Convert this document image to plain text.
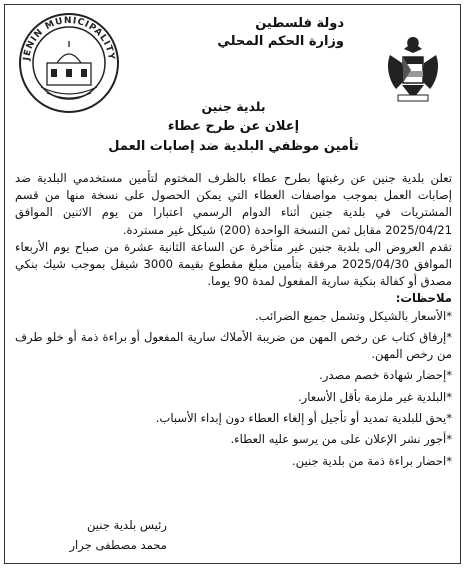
JENIN MUNICIPALITY
دولة فلسطين
وزارة الحكم المحلي
بلدية جنين
إعلان عن طرح عطاء
تأمين موظفي البلدية ضد إصابات العمل

تعلن بلدية جنين عن رغبتها بطرح عطاء بالظرف المختوم لتأمين مستخدمي البلدية ضد إصابات العمل بموجب مواصفات العطاء التي يمكن الحصول على نسخة منها من قسم المشتريات في بلدية جنين أثناء الدوام الرسمي اعتبارا من يوم الاثنين الموافق 2025/04/21 مقابل ثمن النسخة الواحدة (200) شيكل غير مستردة.

تقدم العروض الى بلدية جنين غير متأخرة عن الساعة الثانية عشرة من صباح يوم الأربعاء الموافق 2025/04/30 مرفقة بتأمين مبلغ مقطوع بقيمة 3000 شيقل بموجب شيك بنكي مصدق أو كفالة بنكية سارية المفعول لمدة 90 يوما.

ملاحظات:

*الأسعار بالشيكل وتشمل جميع الضرائب.
*إرفاق كتاب عن رخص المهن من ضريبة الأملاك سارية المفعول أو براءة ذمة أو خلو طرف من رخص المهن.
*إحضار شهادة خصم مصدر.
*البلدية غير ملزمة بأقل الأسعار.
*يحق للبلدية تمديد أو تأجيل أو إلغاء العطاء دون إبداء الأسباب.
*أجور نشر الإعلان على من يرسو عليه العطاء.
*احضار براءة ذمة من بلدية جنين.
رئيس بلدية جنين
محمد مصطفى جرار
